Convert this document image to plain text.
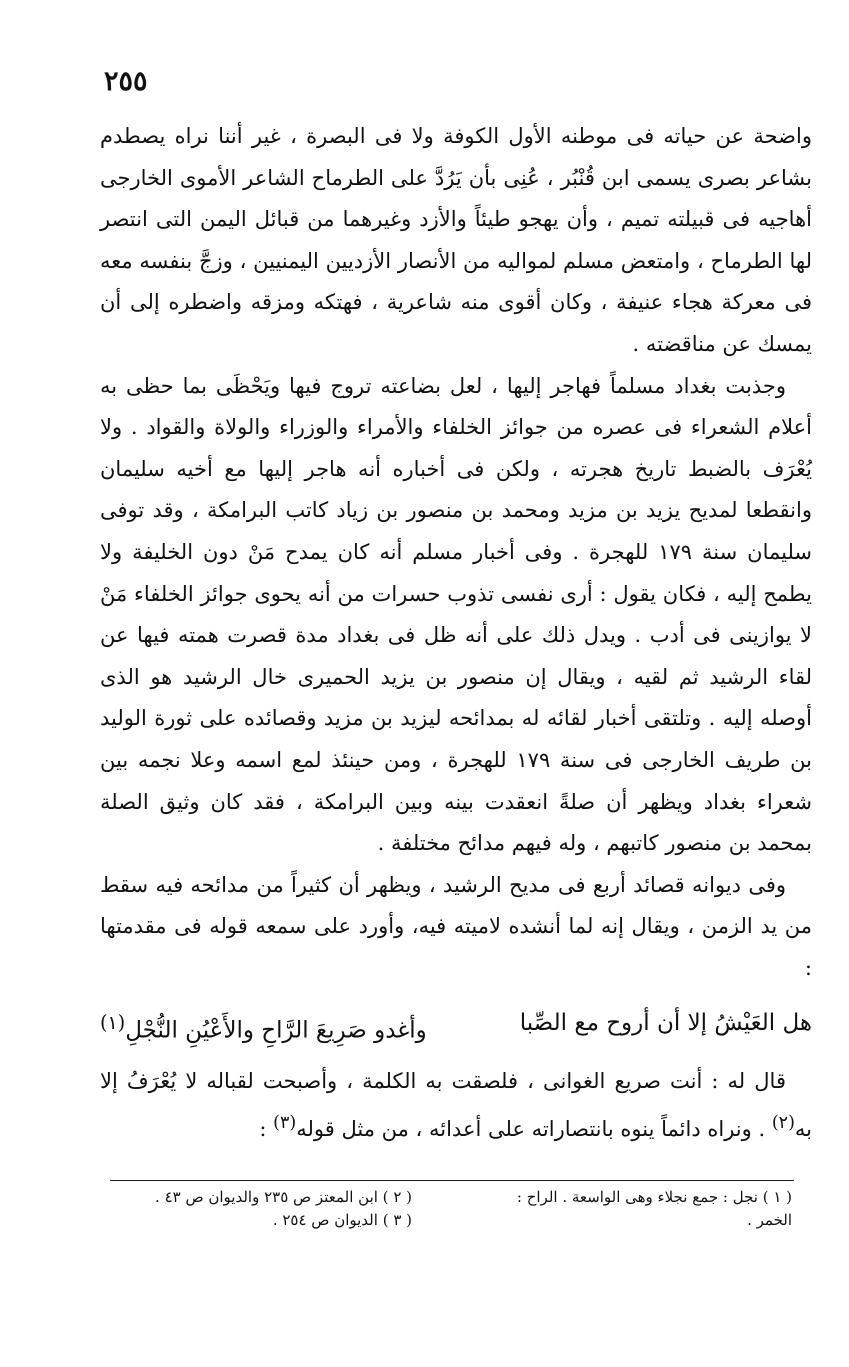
٢٥٥

واضحة عن حياته فى موطنه الأول الكوفة ولا فى البصرة ، غير أننا نراه يصطدم بشاعر بصرى يسمى ابن قُنْبُر ، عُنِى بأن يَرُدَّ على الطرماح الشاعر الأموى الخارجى أهاجيه فى قبيلته تميم ، وأن يهجو طيئاً والأزد وغيرهما من قبائل اليمن التى انتصر لها الطرماح ، وامتعض مسلم لمواليه من الأنصار الأزديين اليمنيين ، وزجَّ بنفسه معه فى معركة هجاء عنيفة ، وكان أقوى منه شاعرية ، فهتكه ومزقه واضطره إلى أن يمسك عن مناقضته .

وجذبت بغداد مسلماً فهاجر إليها ، لعل بضاعته تروج فيها ويَحْظَى بما حظى به أعلام الشعراء فى عصره من جوائز الخلفاء والأمراء والوزراء والولاة والقواد . ولا يُعْرَف بالضبط تاريخ هجرته ، ولكن فى أخباره أنه هاجر إليها مع أخيه سليمان وانقطعا لمديح يزيد بن مزيد ومحمد بن منصور بن زياد كاتب البرامكة ، وقد توفى سليمان سنة ١٧٩ للهجرة . وفى أخبار مسلم أنه كان يمدح مَنْ دون الخليفة ولا يطمح إليه ، فكان يقول : أرى نفسى تذوب حسرات من أنه يحوى جوائز الخلفاء مَنْ لا يوازينى فى أدب . ويدل ذلك على أنه ظل فى بغداد مدة قصرت همته فيها عن لقاء الرشيد ثم لقيه ، ويقال إن منصور بن يزيد الحميرى خال الرشيد هو الذى أوصله إليه . وتلتقى أخبار لقائه له بمدائحه ليزيد بن مزيد وقصائده على ثورة الوليد بن طريف الخارجى فى سنة ١٧٩ للهجرة ، ومن حينئذ لمع اسمه وعلا نجمه بين شعراء بغداد ويظهر أن صلةً انعقدت بينه وبين البرامكة ، فقد كان وثيق الصلة بمحمد بن منصور كاتبهم ، وله فيهم مدائح مختلفة .

وفى ديوانه قصائد أربع فى مديح الرشيد ، ويظهر أن كثيراً من مدائحه فيه سقط من يد الزمن ، ويقال إنه لما أنشده لاميته فيه، وأورد على سمعه قوله فى مقدمتها :

هل العَيْشُ إلا أن أروح مع الصِّبا
وأغدو صَرِيعَ الرَّاحِ والأَعْيُنِ النُّجْلِ$^{(١)}$

قال له : أنت صريع الغوانى ، فلصقت به الكلمة ، وأصبحت لقباله لا يُعْرَفُ إلا به$^{(٢)}$ . ونراه دائماً ينوه بانتصاراته على أعدائه ، من مثل قوله$^{(٣)}$ :

( ١ ) نجل : جمع نجلاء وهى الواسعة . الراح : الخمر .

( ٢ ) ابن المعتز ص ٢٣٥ والديوان ص ٤٣ .

( ٣ ) الديوان ص ٢٥٤ .
